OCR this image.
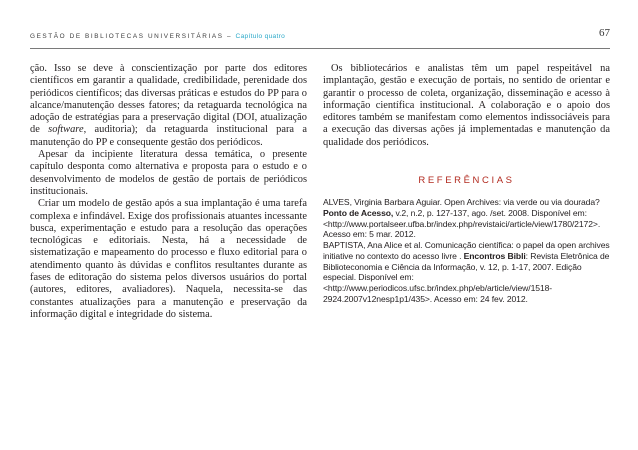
GESTÃO DE BIBLIOTECAS UNIVERSITÁRIAS – Capítulo quatro	67

ção. Isso se deve à conscientização por parte dos editores científicos em garantir a qualidade, credibilidade, perenidade dos periódicos científicos; das diversas práticas e estudos do PP para o alcance/manutenção desses fatores; da retaguarda tecnológica na adoção de estratégias para a preservação digital (DOI, atualização de software, auditoria); da retaguarda institucional para a manutenção do PP e consequente gestão dos periódicos.

Apesar da incipiente literatura dessa temática, o presente capítulo desponta como alternativa e proposta para o estudo e o desenvolvimento de modelos de gestão de portais de periódicos institucionais.

Criar um modelo de gestão após a sua implantação é uma tarefa complexa e infindável. Exige dos profissionais atuantes incessante busca, experimentação e estudo para a resolução das operações tecnológicas e editoriais. Nesta, há a necessidade de sistematização e mapeamento do processo e fluxo editorial para o atendimento quanto às dúvidas e conflitos resultantes durante as fases de editoração do sistema pelos diversos usuários do portal (autores, editores, avaliadores). Naquela, necessita-se das constantes atualizações para a manutenção e preservação da informação digital e integridade do sistema.

Os bibliotecários e analistas têm um papel respeitável na implantação, gestão e execução de portais, no sentido de orientar e garantir o processo de coleta, organização, disseminação e acesso à informação científica institucional. A colaboração e o apoio dos editores também se manifestam como elementos indissociáveis para a execução das diversas ações já implementadas e manutenção da qualidade dos periódicos.

REFERÊNCIAS

ALVES, Virginia Barbara Aguiar. Open Archives: via verde ou via dourada? Ponto de Acesso, v.2, n.2, p. 127-137, ago. /set. 2008. Disponível em: <http://www.portalseer.ufba.br/index.php/revistaici/article/view/1780/2172>. Acesso em: 5 mar. 2012.

BAPTISTA, Ana Alice et al. Comunicação científica: o papel da open archives initiative no contexto do acesso livre . Encontros Bibli: Revista Eletrônica de Biblioteconomia e Ciência da Informação, v. 12, p. 1-17, 2007. Edição especial. Disponível em: <http://www.periodicos.ufsc.br/index.php/eb/article/view/1518-2924.2007v12nesp1p1/435>. Acesso em: 24 fev. 2012.
